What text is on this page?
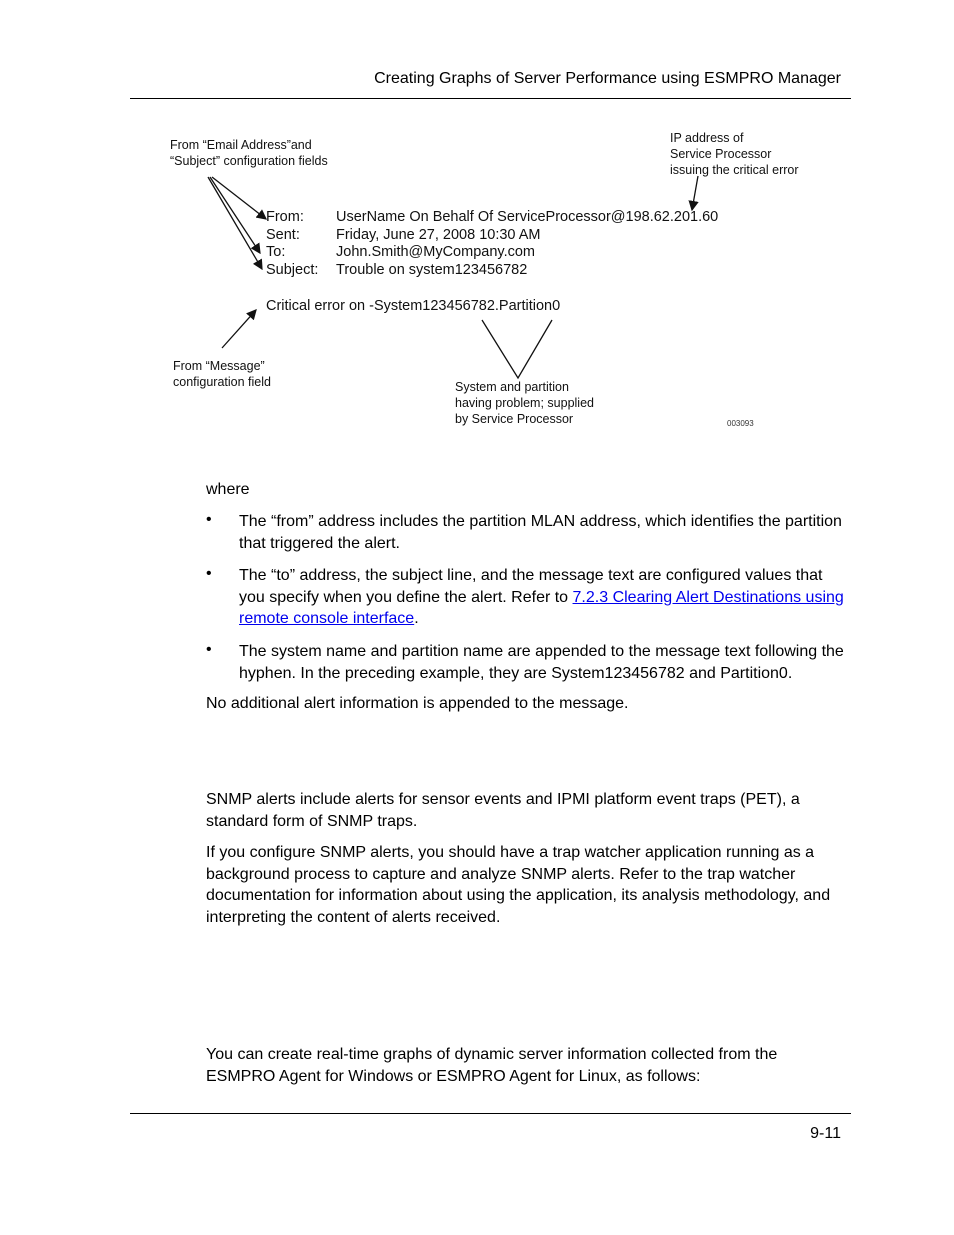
Creating Graphs of Server Performance using ESMPRO Manager
From “Email Address”and
“Subject” configuration fields
IP address of
Service Processor
issuing the critical error
From:
Sent:
To:
Subject:
UserName On Behalf Of ServiceProcessor@198.62.201.60
Friday, June 27, 2008 10:30 AM
John.Smith@MyCompany.com
Trouble on system123456782
Critical error on -System123456782.Partition0
From “Message”
configuration field	System and partition
having problem; supplied
by Service Processor	003093
where
• The “from” address includes the partition MLAN address, which identifies the partition that triggered the alert.
• The “to” address, the subject line, and the message text are configured values that you specify when you define the alert. Refer to 7.2.3 Clearing Alert Destinations using remote console interface.
• The system name and partition name are appended to the message text following the hyphen. In the preceding example, they are System123456782 and Partition0.
No additional alert information is appended to the message.
SNMP alerts include alerts for sensor events and IPMI platform event traps (PET), a standard form of SNMP traps.
If you configure SNMP alerts, you should have a trap watcher application running as a background process to capture and analyze SNMP alerts. Refer to the trap watcher documentation for information about using the application, its analysis methodology, and interpreting the content of alerts received.
You can create real-time graphs of dynamic server information collected from the ESMPRO Agent for Windows or ESMPRO Agent for Linux, as follows:
9-11
